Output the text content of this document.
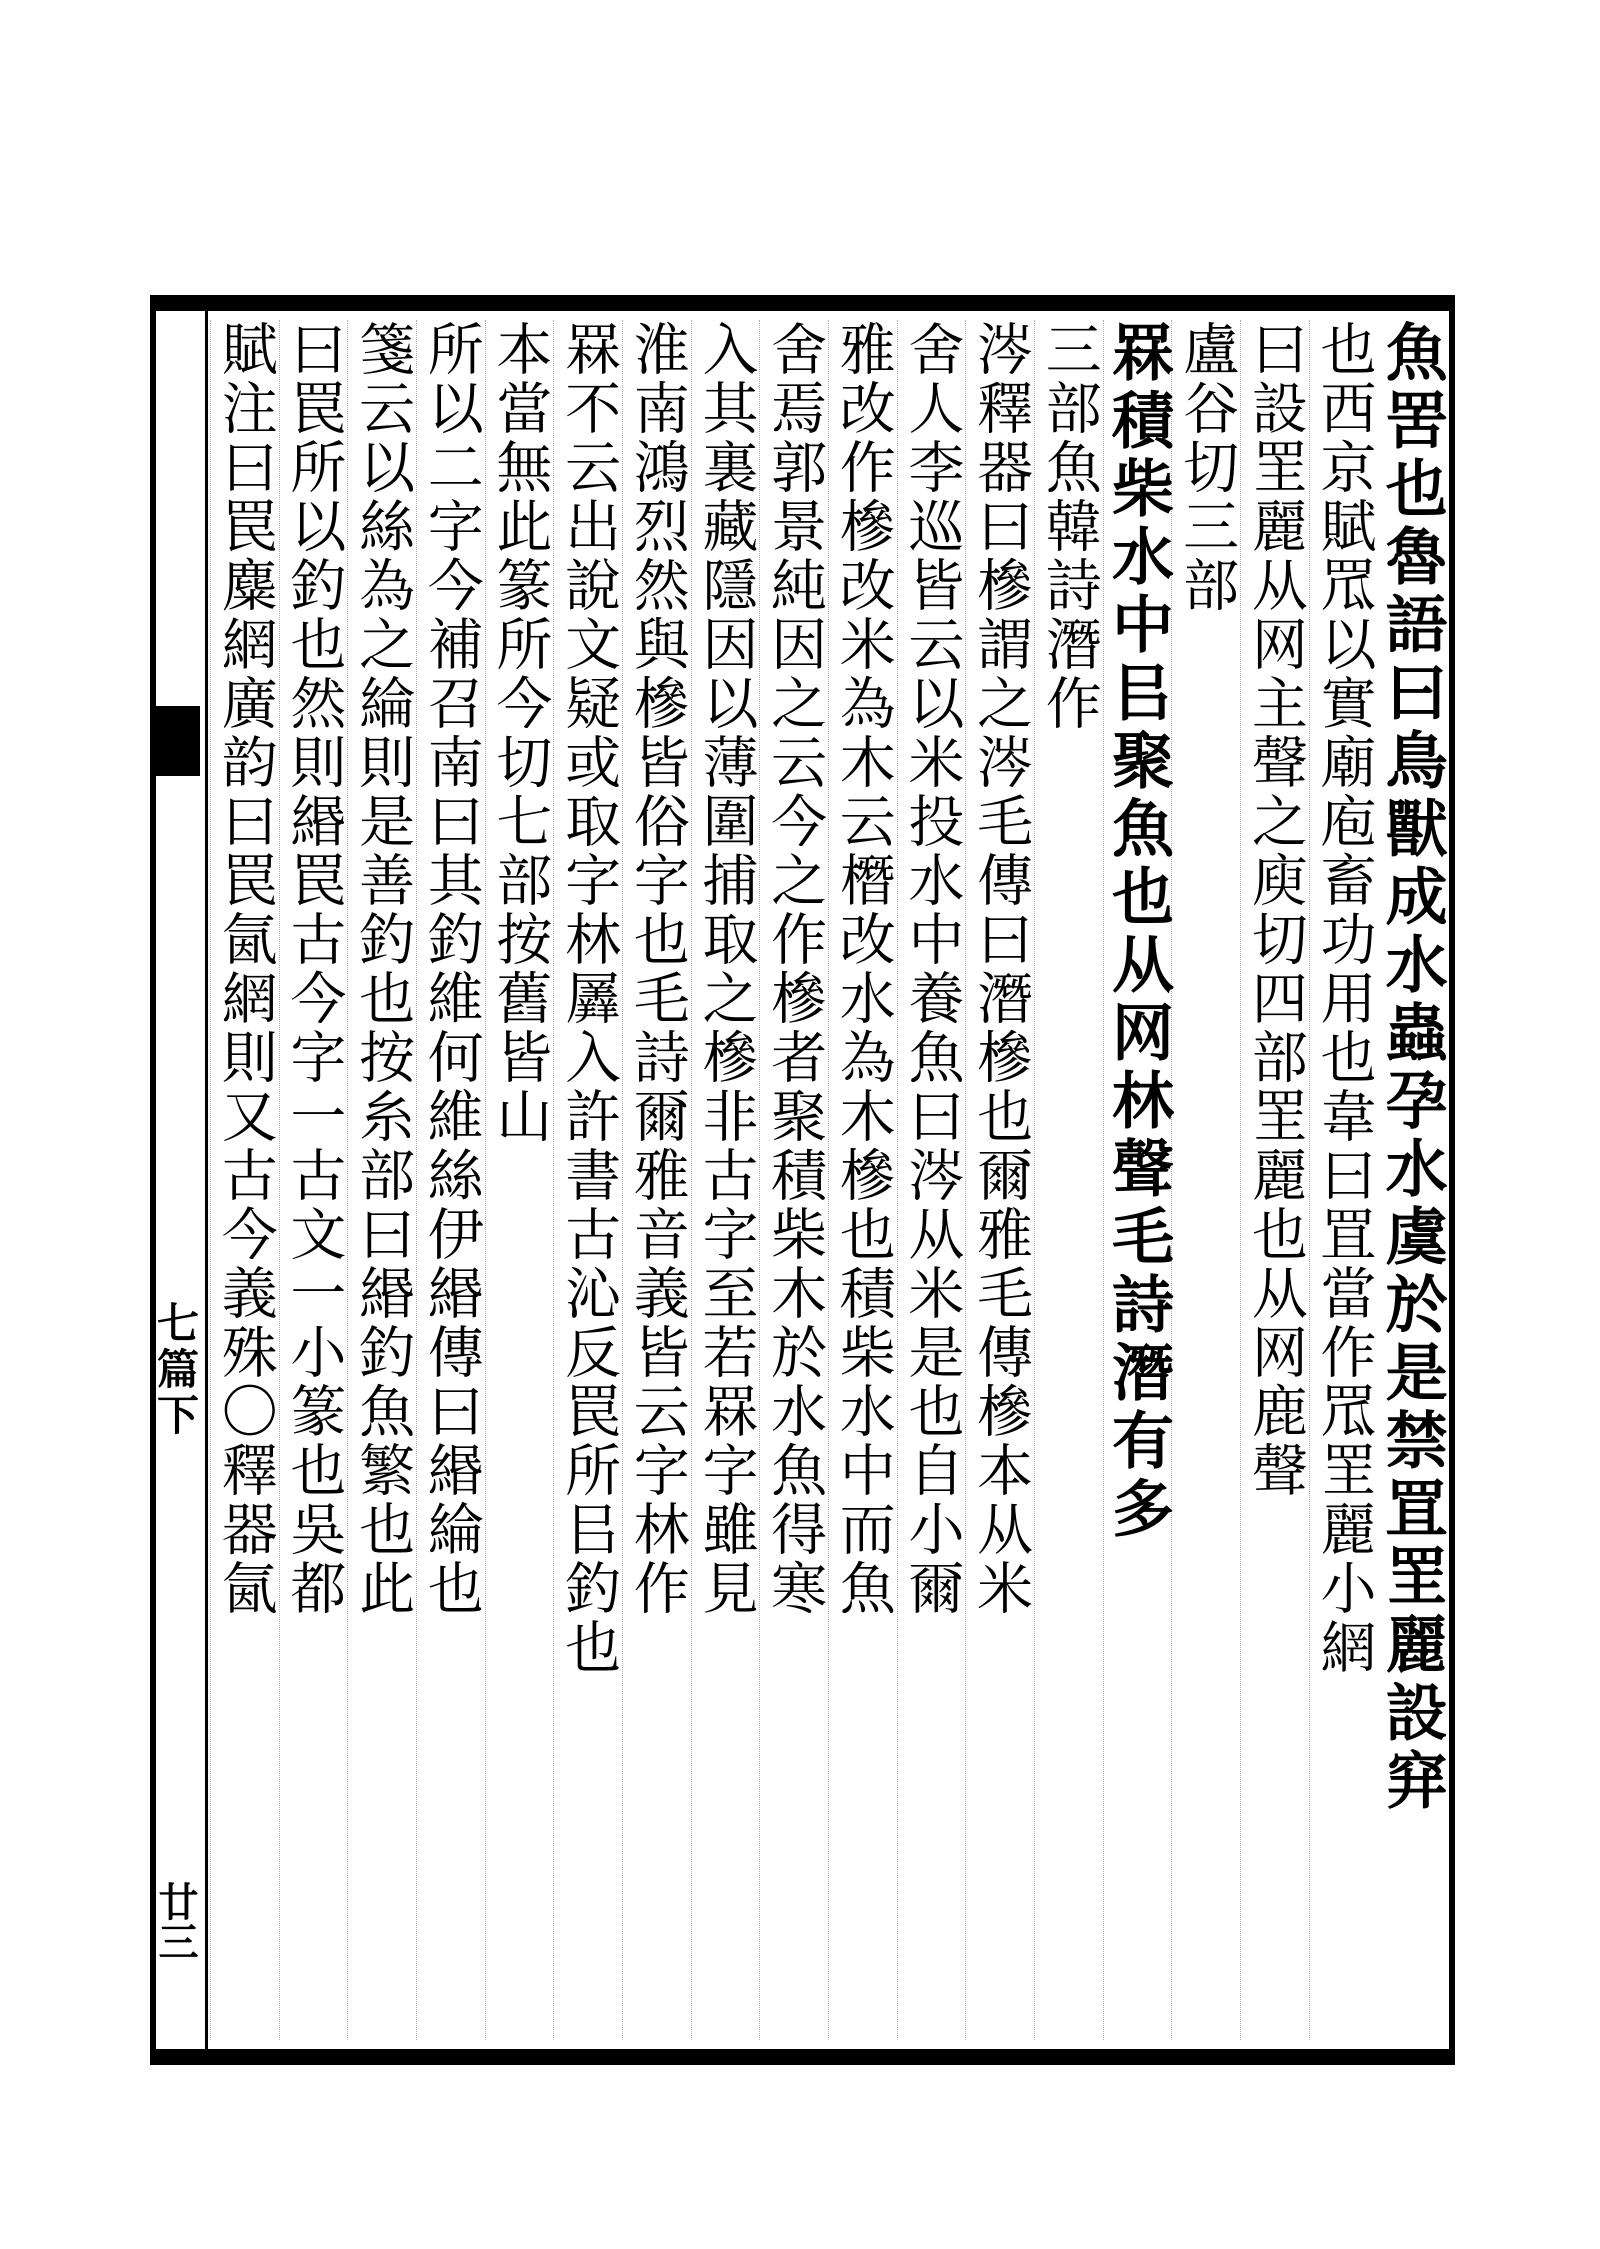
七篇下
廿三
魚罟也魯語曰鳥獸成水蟲孕水虞於是禁罝罜麗設穽
也西京賦罛以實廟庖畜功用也韋曰罝當作罛罜麗小網
曰設罜麗从网主聲之庾切四部罜麗也从网鹿聲
盧谷切三部
罧積柴水中㠯聚魚也从网林聲毛詩潛有多
三部魚韓詩潛作
涔釋器曰槮謂之涔毛傳曰潛槮也爾雅毛傳槮本从米
舍人李巡皆云以米投水中養魚曰涔从米是也自小爾
雅改作槮改米為木云橬改水為木槮也積柴水中而魚
舍焉郭景純因之云今之作槮者聚積柴木於水魚得寒
入其裏藏隱因以薄圍捕取之槮非古字至若罧字雖見
淮南鴻烈然與槮皆俗字也毛詩爾雅音義皆云字林作
罧不云出說文疑或取字林羼入許書古沁反罠所㠯釣也
本當無此篆所今切七部按舊皆山
所以二字今補召南曰其釣維何維絲伊緡傳曰緡綸也
箋云以絲為之綸則是善釣也按糸部曰緡釣魚繁也此
曰罠所以釣也然則緡罠古今字一古文一小篆也吳都
賦注曰罠麋網廣韵曰罠氤網則又古今義殊〇釋器氤
